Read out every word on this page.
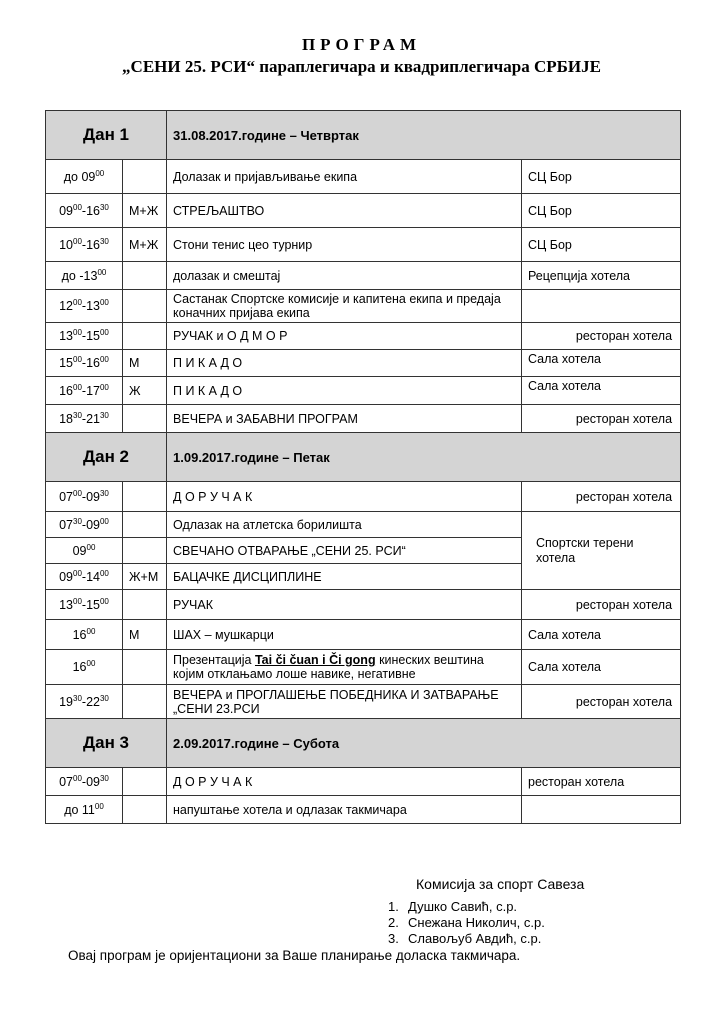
ПРОГРАМ
„СЕНИ 25. РСИ“ параплегичара и квадриплегичара СРБИЈЕ
Дан 1		31.08.2017.године – Четвртак	
до $09^{00}$		Долазак и пријављивање екипа	СЦ Бор
$09^{00}-16^{30}$	М+Ж	СТРЕЉАШТВО	СЦ Бор
$10^{00}-16^{30}$	М+Ж	Стони тенис цео турнир	СЦ Бор
до $-13^{00}$		долазак и смештај	Рецепција хотела
$12^{00}-13^{00}$		Састанак Спортске комисије и капитена екипа и предаја коначних пријава екипа	
$13^{00}-15^{00}$		РУЧАК и О Д М О Р	ресторан хотела
$15^{00}-16^{00}$	М	П И К А Д О	Сала хотела
$16^{00}-17^{00}$	Ж	П И К А Д О	Сала хотела
$18^{30}-21^{30}$		ВЕЧЕРА и ЗАБАВНИ ПРОГРАМ	ресторан хотела
Дан 2		1.09.2017.године – Петак	
$07^{00}-09^{30}$		Д О Р У Ч А К	ресторан хотела
$07^{30}-09^{00}$		Одлазак на атлетска борилишта	Спортски терени хотела
$09^{00}$		СВЕЧАНО ОТВАРАЊЕ „СЕНИ 25. РСИ“	
$09^{00}-14^{00}$	Ж+М	БАЦАЧКЕ ДИСЦИПЛИНЕ	
$13^{00}-15^{00}$		РУЧАК	ресторан хотела
$16^{00}$	М	ШАХ – мушкарци	Сала хотела
$16^{00}$		Презентација Tai či čuan i Či gong кинеских вештина којим отклањамо лоше навике, негативне	Сала хотела
$19^{30}-22^{30}$		ВЕЧЕРА и ПРОГЛАШЕЊЕ ПОБЕДНИКА И ЗАТВАРАЊЕ „СЕНИ 23.РСИ	ресторан хотела
Дан 3		2.09.2017.године – Субота	
$07^{00}-09^{30}$		Д О Р У Ч А К	ресторан хотела
до $11^{00}$		напуштање хотела и одлазак такмичара	
Комисија за спорт Савеза
1. Душко Савић, с.р.
2. Снежана Николич, с.р.
3. Славољуб Авдић, с.р.
Овај програм је оријентациони за Ваше планирање доласка такмичара.
